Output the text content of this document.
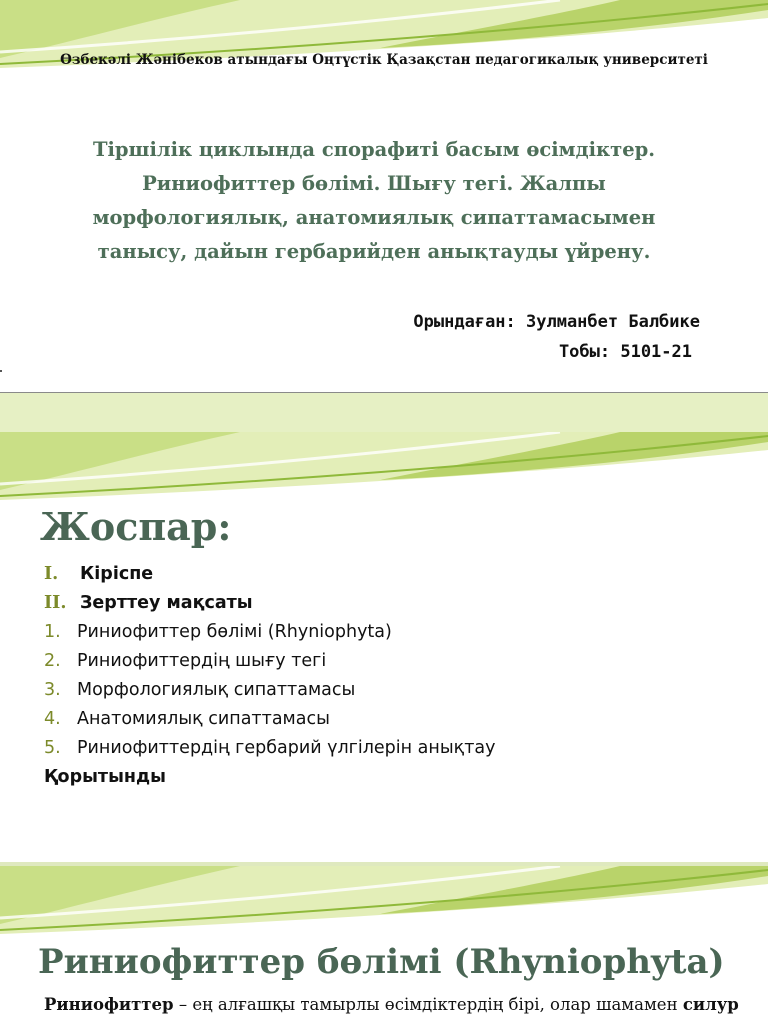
Өзбекәлі Жәнібеков атындағы Оңтүстік Қазақстан педагогикалық университеті
Тіршілік циклында спорафиті басым өсімдіктер. Риниофиттер бөлімі. Шығу тегі. Жалпы морфологиялық, анатомиялық сипаттамасымен танысу, дайын гербарийден анықтауды үйрену.
Орындаған: Зулманбет Балбике
Тобы: 5101-21
Жоспар:
I. Кіріспе
II. Зерттеу мақсаты
1. Риниофиттер бөлімі (Rhyniophyta)
2. Риниофиттердің шығу тегі
3. Морфологиялық сипаттамасы
4. Анатомиялық сипаттамасы
5. Риниофиттердің гербарий үлгілерін анықтау
Қорытынды
Риниофиттер бөлімі (Rhyniophyta)
Риниофиттер – ең алғашқы тамырлы өсімдіктердің бірі, олар шамамен силур
